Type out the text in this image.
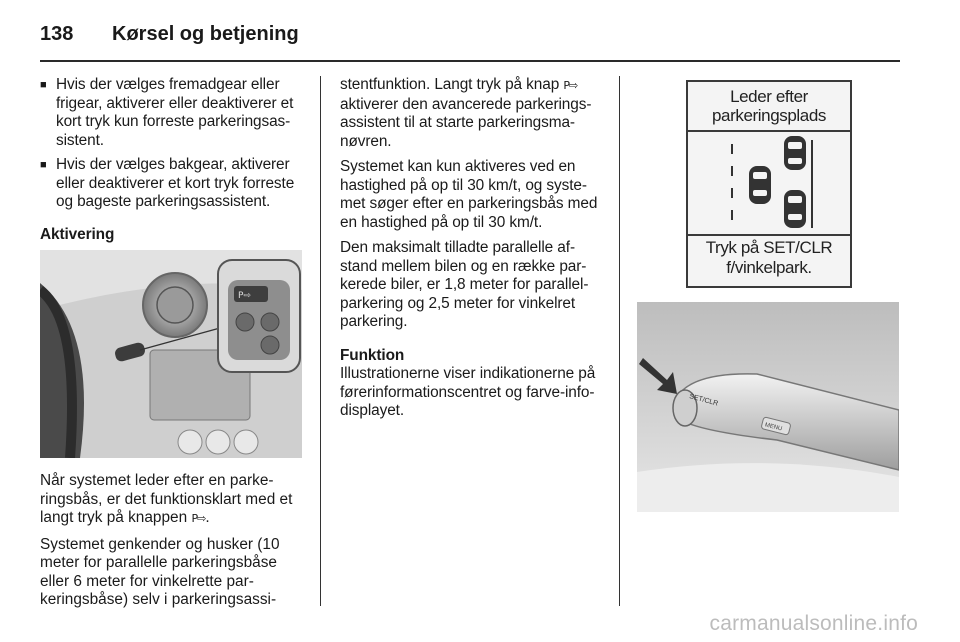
138	Kørsel og betjening
■ Hvis der vælges fremadgear eller frigear, aktiverer eller deaktiverer et kort tryk kun forreste parkeringsassistent.
■ Hvis der vælges bakgear, aktiverer eller deaktiverer et kort tryk forreste og bageste parkeringsassistent.
Aktivering
P⇨

Når systemet leder efter en parkeringsbås, er det funktionsklart med et langt tryk på knappen P⇨.

Systemet genkender og husker (10 meter for parallelle parkeringsbåse eller 6 meter for vinkelrette parkeringsbåse) selv i parkeringsassi-

stentfunktion. Langt tryk på knap P⇨ aktiverer den avancerede parkeringsassistent til at starte parkeringsmanøvren.

Systemet kan kun aktiveres ved en hastighed på op til 30 km/t, og systemet søger efter en parkeringsbås med en hastighed på op til 30 km/t.

Den maksimalt tilladte parallelle afstand mellem bilen og en række parkerede biler, er 1,8 meter for parallelparkering og 2,5 meter for vinkelret parkering.

Funktion

Illustrationerne viser indikationerne på førerinformationscentret og farve-info-displayet.

Leder efter parkeringsplads
Tryk på SET/CLR f/vinkelpark.
SET/CLR
MENU
carmanualsonline.info
